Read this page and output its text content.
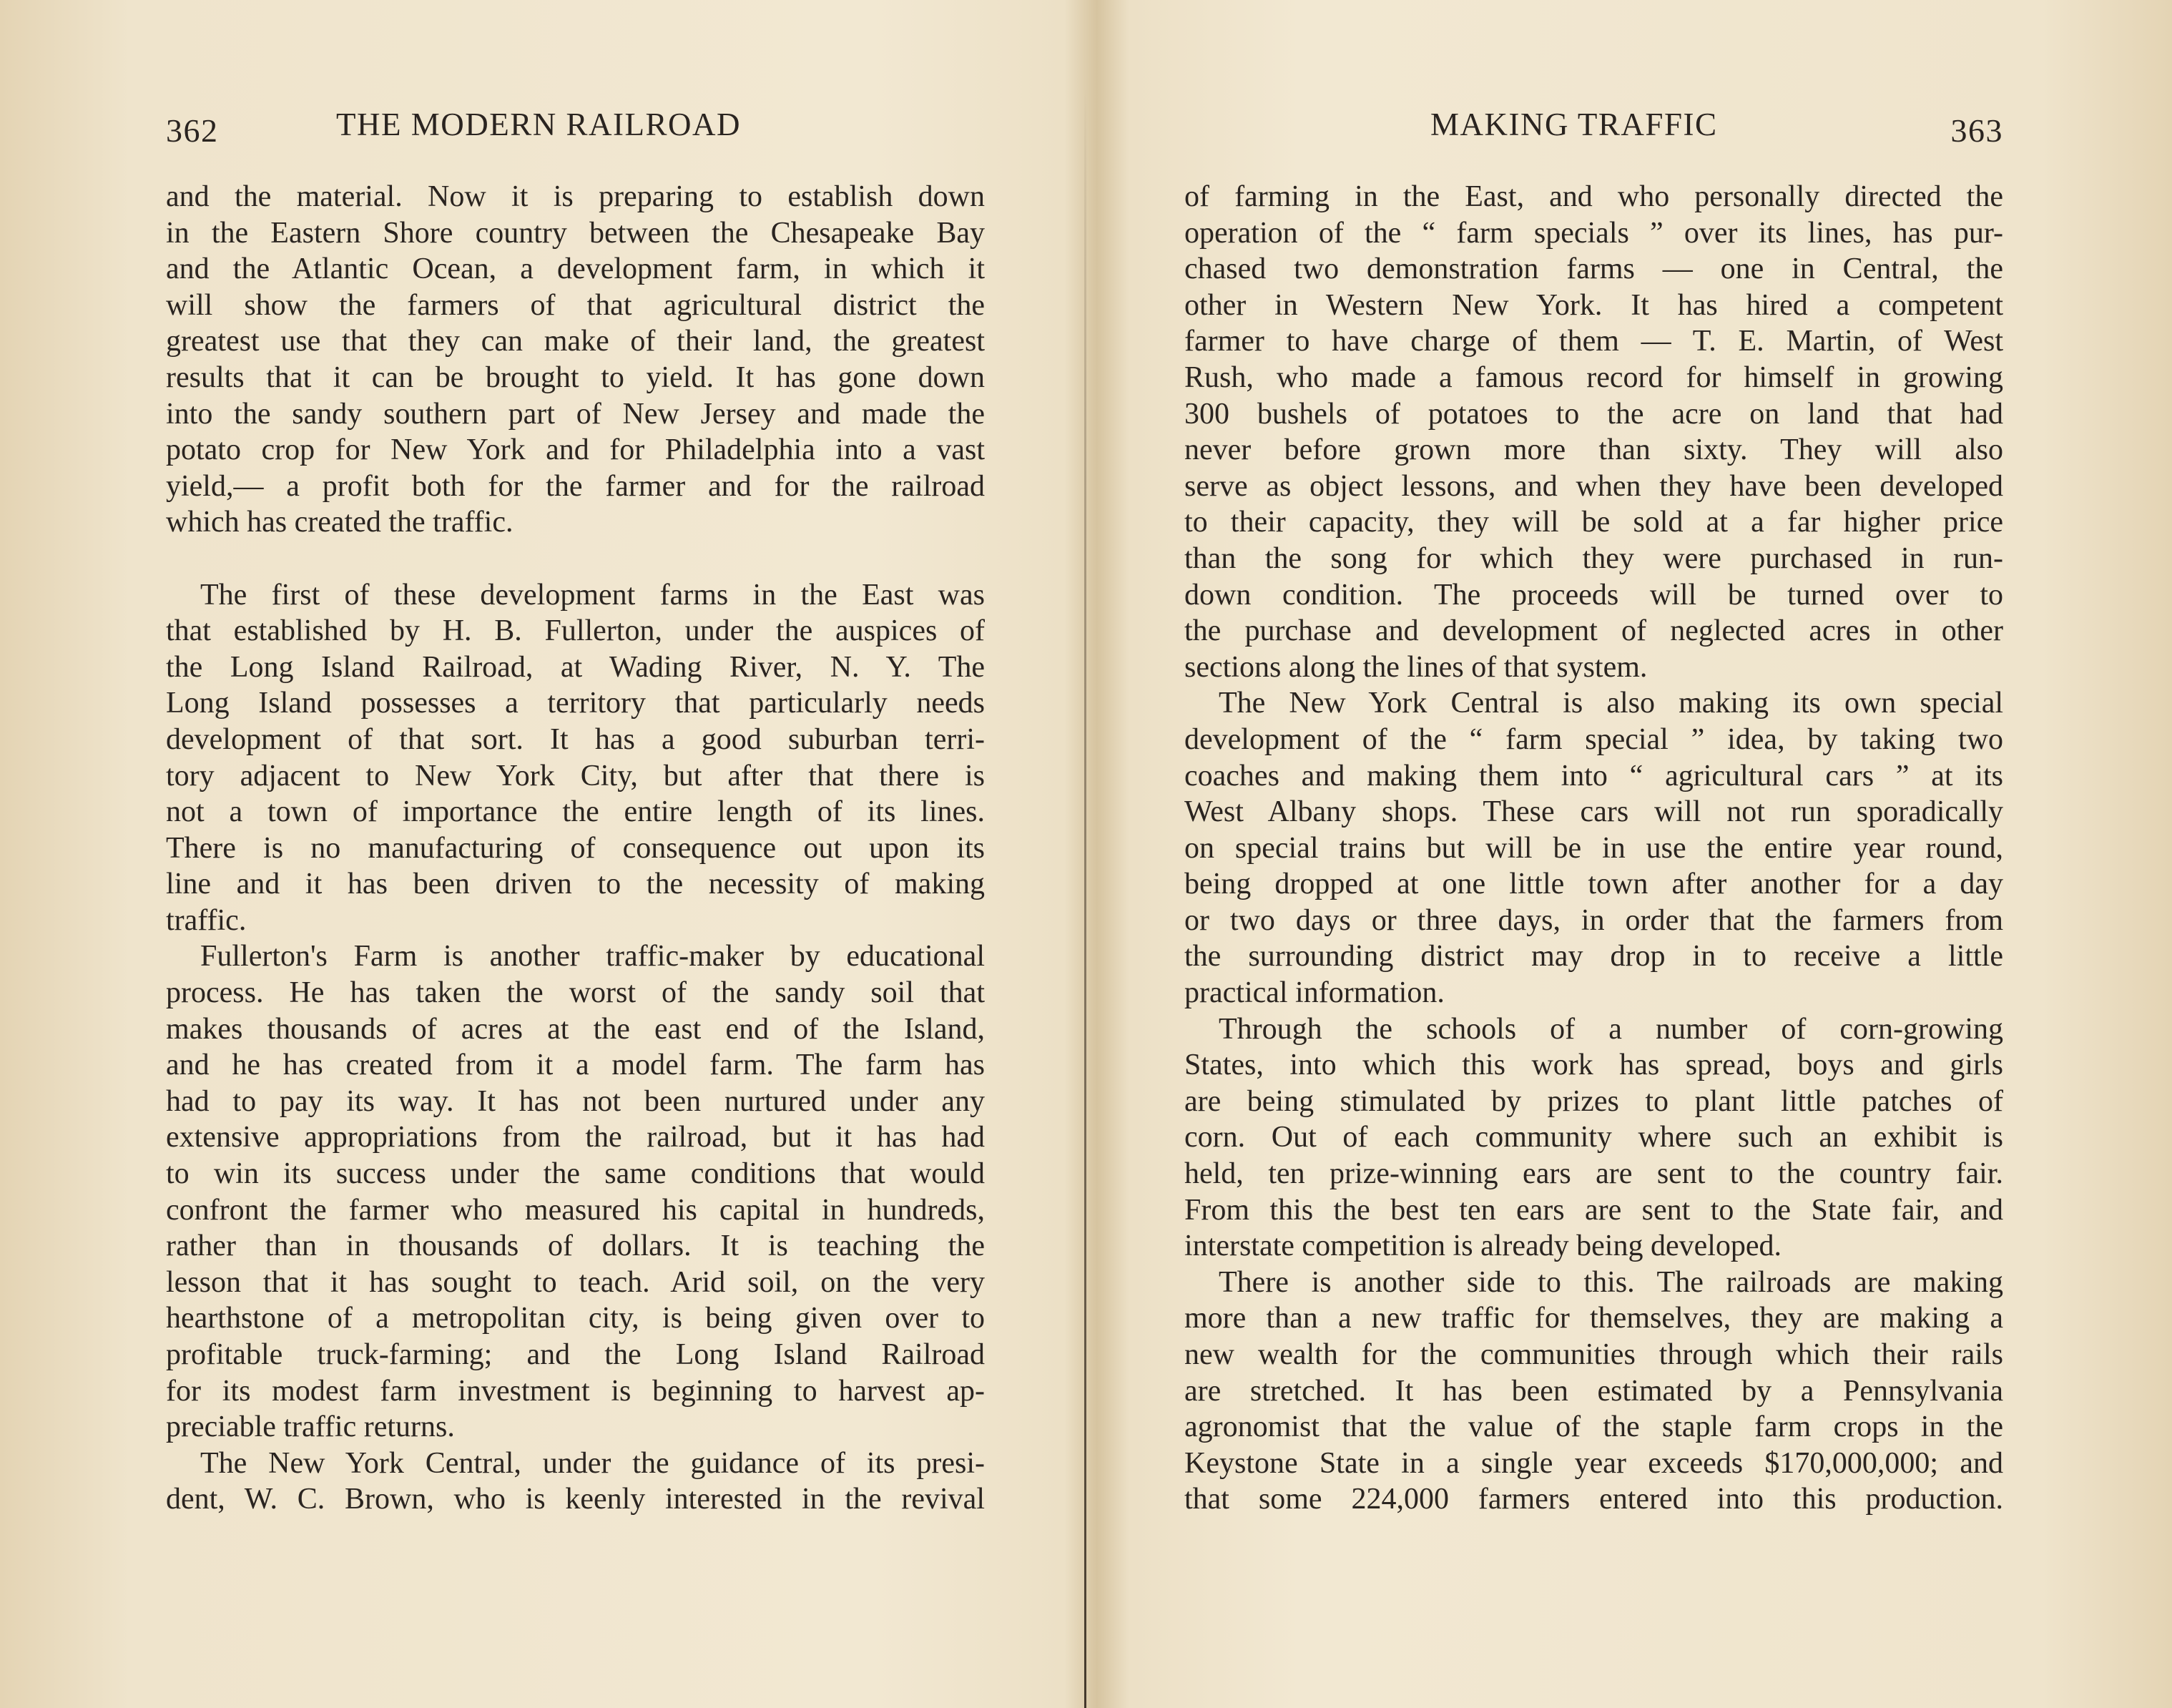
362	THE MODERN RAILROAD
and the material. Now it is preparing to establish down
in the Eastern Shore country between the Chesapeake Bay
and the Atlantic Ocean, a development farm, in which it
will show the farmers of that agricultural district the
greatest use that they can make of their land, the greatest
results that it can be brought to yield. It has gone down
into the sandy southern part of New Jersey and made the
potato crop for New York and for Philadelphia into a vast
yield,— a profit both for the farmer and for the railroad
which has created the traffic.
The first of these development farms in the East was
that established by H. B. Fullerton, under the auspices of
the Long Island Railroad, at Wading River, N. Y. The
Long Island possesses a territory that particularly needs
development of that sort. It has a good suburban terri-
tory adjacent to New York City, but after that there is
not a town of importance the entire length of its lines.
There is no manufacturing of consequence out upon its
line and it has been driven to the necessity of making
traffic.
Fullerton's Farm is another traffic-maker by educational
process. He has taken the worst of the sandy soil that
makes thousands of acres at the east end of the Island,
and he has created from it a model farm. The farm has
had to pay its way. It has not been nurtured under any
extensive appropriations from the railroad, but it has had
to win its success under the same conditions that would
confront the farmer who measured his capital in hundreds,
rather than in thousands of dollars. It is teaching the
lesson that it has sought to teach. Arid soil, on the very
hearthstone of a metropolitan city, is being given over to
profitable truck-farming; and the Long Island Railroad
for its modest farm investment is beginning to harvest ap-
preciable traffic returns.
The New York Central, under the guidance of its presi-
dent, W. C. Brown, who is keenly interested in the revival
MAKING TRAFFIC	363
of farming in the East, and who personally directed the
operation of the “ farm specials ” over its lines, has pur-
chased two demonstration farms — one in Central, the
other in Western New York. It has hired a competent
farmer to have charge of them — T. E. Martin, of West
Rush, who made a famous record for himself in growing
300 bushels of potatoes to the acre on land that had
never before grown more than sixty. They will also
serve as object lessons, and when they have been developed
to their capacity, they will be sold at a far higher price
than the song for which they were purchased in run-
down condition. The proceeds will be turned over to
the purchase and development of neglected acres in other
sections along the lines of that system.
The New York Central is also making its own special
development of the “ farm special ” idea, by taking two
coaches and making them into “ agricultural cars ” at its
West Albany shops. These cars will not run sporadically
on special trains but will be in use the entire year round,
being dropped at one little town after another for a day
or two days or three days, in order that the farmers from
the surrounding district may drop in to receive a little
practical information.
Through the schools of a number of corn-growing
States, into which this work has spread, boys and girls
are being stimulated by prizes to plant little patches of
corn. Out of each community where such an exhibit is
held, ten prize-winning ears are sent to the country fair.
From this the best ten ears are sent to the State fair, and
interstate competition is already being developed.
There is another side to this. The railroads are making
more than a new traffic for themselves, they are making a
new wealth for the communities through which their rails
are stretched. It has been estimated by a Pennsylvania
agronomist that the value of the staple farm crops in the
Keystone State in a single year exceeds $170,000,000; and
that some 224,000 farmers entered into this production.
